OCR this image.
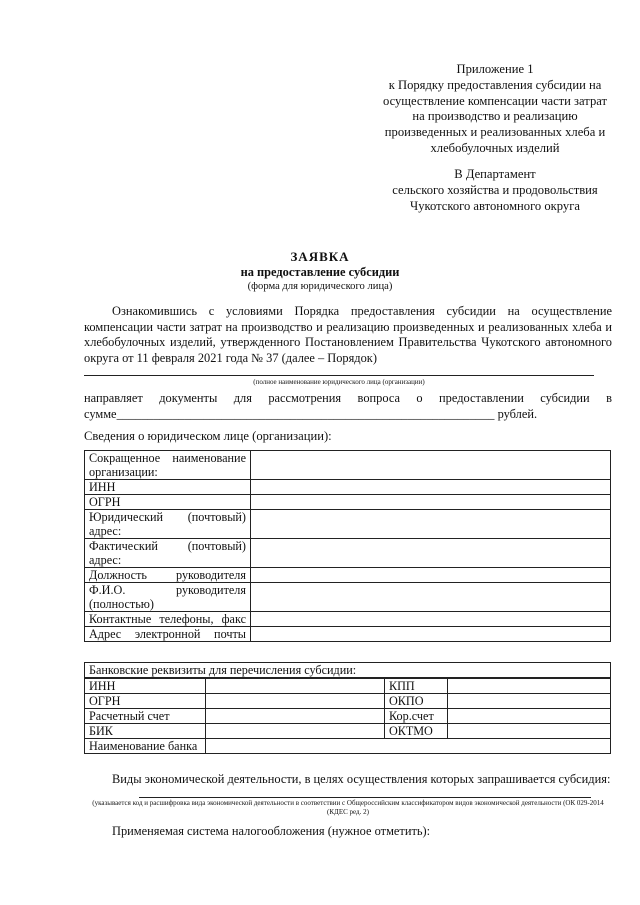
Приложение 1
к Порядку предоставления субсидии на
осуществление компенсации части затрат
на производство и реализацию
произведенных и реализованных хлеба и
хлебобулочных изделий
В Департамент
сельского хозяйства и продовольствия
Чукотского автономного округа
ЗАЯВКА
на предоставление субсидии
(форма для юридического лица)
Ознакомившись с условиями Порядка предоставления субсидии на осуществление компенсации части затрат на производство и реализацию произведенных и реализованных хлеба и хлебобулочных изделий, утвержденного Постановлением Правительства Чукотского автономного округа от 11 февраля 2021 года № 37 (далее – Порядок)
(полное наименование юридического лица (организации)
направляет документы для рассмотрения вопроса о предоставлении субсидии в
сумме_____________________________________________________________ рублей.
Сведения о юридическом лице (организации):
Сокращенное наименование организации:	
ИНН	
ОГРН	
Юридический (почтовый) адрес:	
Фактический (почтовый) адрес:	
Должность руководителя	
Ф.И.О. руководителя (полностью)	
Контактные телефоны, факс	
Адрес электронной почты	
Банковские реквизиты для перечисления субсидии:
ИНН		КПП	
ОГРН		ОКПО	
Расчетный счет		Кор.счет	
БИК		ОКТМО	
Наименование банка			
Виды экономической деятельности, в целях осуществления которых запрашивается субсидия:
(указывается код и расшифровка вида экономической деятельности в соответствии с Общероссийским классификатором видов экономической деятельности (ОК 029-2014 (КДЕС ред. 2)
Применяемая система налогообложения (нужное отметить):
